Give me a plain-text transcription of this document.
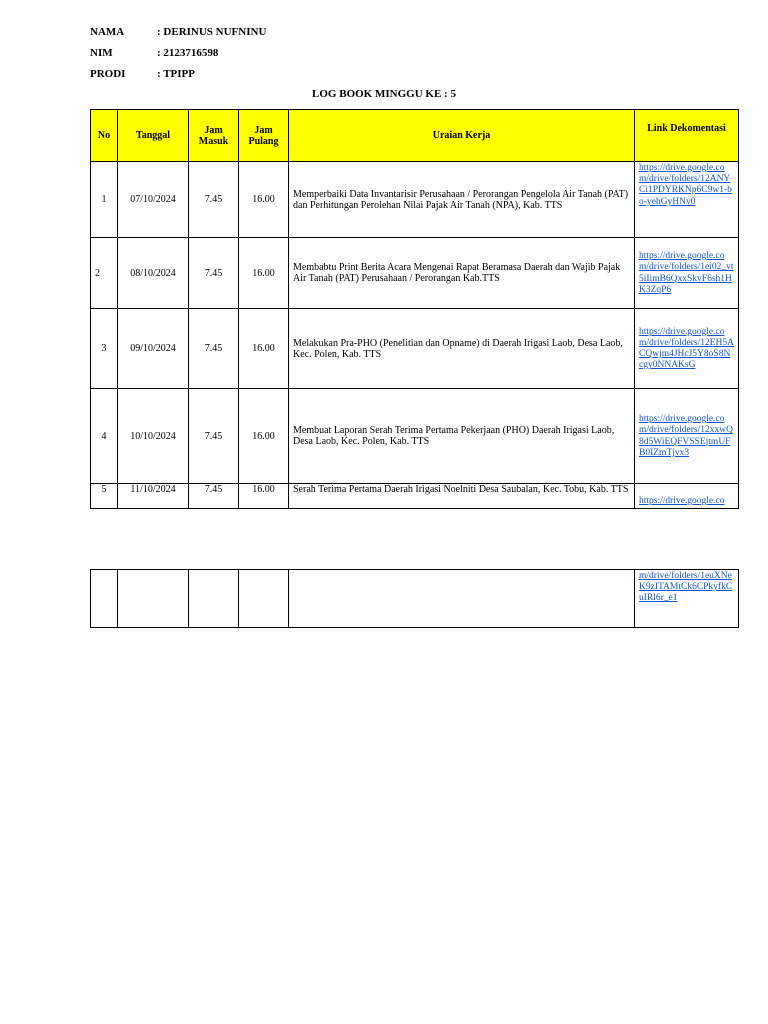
NAMA	: DERINUS NUFNINU
NIM	: 2123716598
PRODI	: TPIPP
LOG BOOK MINGGU KE : 5
No	Tanggal	Jam Masuk	Jam Pulang	Uraian Kerja	Link Dekomentasi
1	07/10/2024	7.45	16.00	Memperbaiki Data Invantarisir Perusahaan / Perorangan Pengelola Air Tanah (PAT) dan Perhitungan Perolehan Nilai Pajak Air Tanah (NPA), Kab. TTS	https://drive.google.com/drive/folders/12ANYCi1PDYRKNp6C9w1-bo-yehGyHNv0
2	08/10/2024	7.45	16.00	Membabtu Print Berita Acara Mengenai Rapat Beramasa Daerah dan Wajib Pajak Air Tanah (PAT) Perusahaan / Perorangan Kab.TTS	https://drive.google.com/drive/folders/1ei02_vt5iIimB6QxxSkvF6sh1HK3ZqP6
3	09/10/2024	7.45	16.00	Melakukan Pra-PHO (Penelitian dan Opname) di Daerah Irigasi Laob, Desa Laob, Kec. Polen, Kab. TTS	https://drive.google.com/drive/folders/12EH5ACQwjm4JHcJ5Y8oS8Ncgy0NNAKsG
4	10/10/2024	7.45	16.00	Membuat Laporan Serah Terima Pertama Pekerjaan (PHO) Daerah Irigasi Laob, Desa Laob, Kec. Polen, Kab. TTS	https://drive.google.com/drive/folders/12xxwQ8d5WiEQFVSSEjtmUFB0IZmTjvx3
5	11/10/2024	7.45	16.00	Serah Terima Pertama Daerah Irigasi Noelniti Desa Saubalan, Kec. Tobu, Kab. TTS	https://drive.google.co
					m/drive/folders/1euXNeK9zITAMtCk6CPkyfkCuIRl6r_e1
